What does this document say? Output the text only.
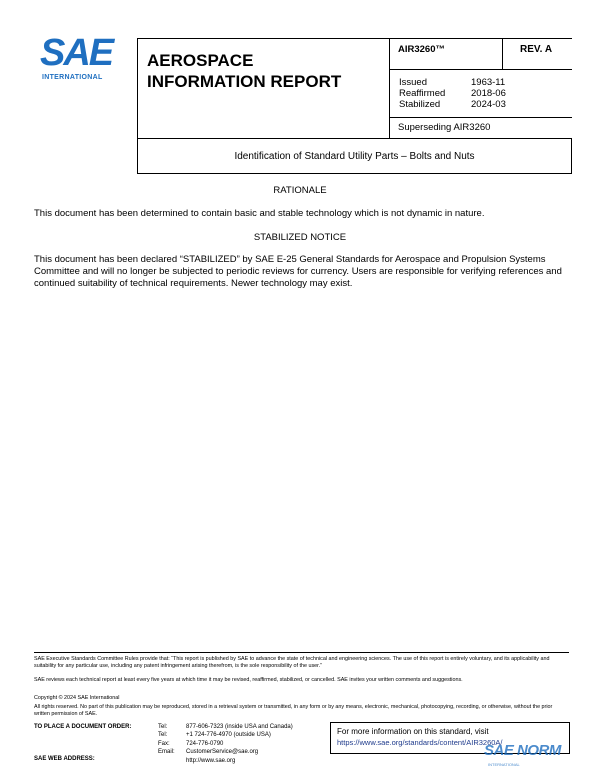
SAE
INTERNATIONAL
AEROSPACE
INFORMATION REPORT
AIR3260™	REV. A
Issued	1963-11
Reaffirmed	2018-06
Stabilized	2024-03
Superseding AIR3260
Identification of Standard Utility Parts – Bolts and Nuts
RATIONALE
This document has been determined to contain basic and stable technology which is not dynamic in nature.
STABILIZED NOTICE
This document has been declared “STABILIZED” by SAE E-25 General Standards for Aerospace and Propulsion Systems Committee and will no longer be subjected to periodic reviews for currency. Users are responsible for verifying references and continued suitability of technical requirements. Newer technology may exist.
SAE Executive Standards Committee Rules provide that: “This report is published by SAE to advance the state of technical and engineering sciences. The use of this report is entirely voluntary, and its applicability and suitability for any particular use, including any patent infringement arising therefrom, is the sole responsibility of the user.”
SAE reviews each technical report at least every five years at which time it may be revised, reaffirmed, stabilized, or cancelled. SAE invites your written comments and suggestions.
Copyright © 2024 SAE International
All rights reserved. No part of this publication may be reproduced, stored in a retrieval system or transmitted, in any form or by any means, electronic, mechanical, photocopying, recording, or otherwise, without the prior written permission of SAE.
TO PLACE A DOCUMENT ORDER:	Tel:	877-606-7323 (inside USA and Canada)
Tel:	+1 724-776-4970 (outside USA)
Fax:	724-776-0790
Email:	CustomerService@sae.org
http://www.sae.org
SAE WEB ADDRESS:
For more information on this standard, visit
https://www.sae.org/standards/content/AIR3260A/
SAE NORM
INTERNATIONAL
